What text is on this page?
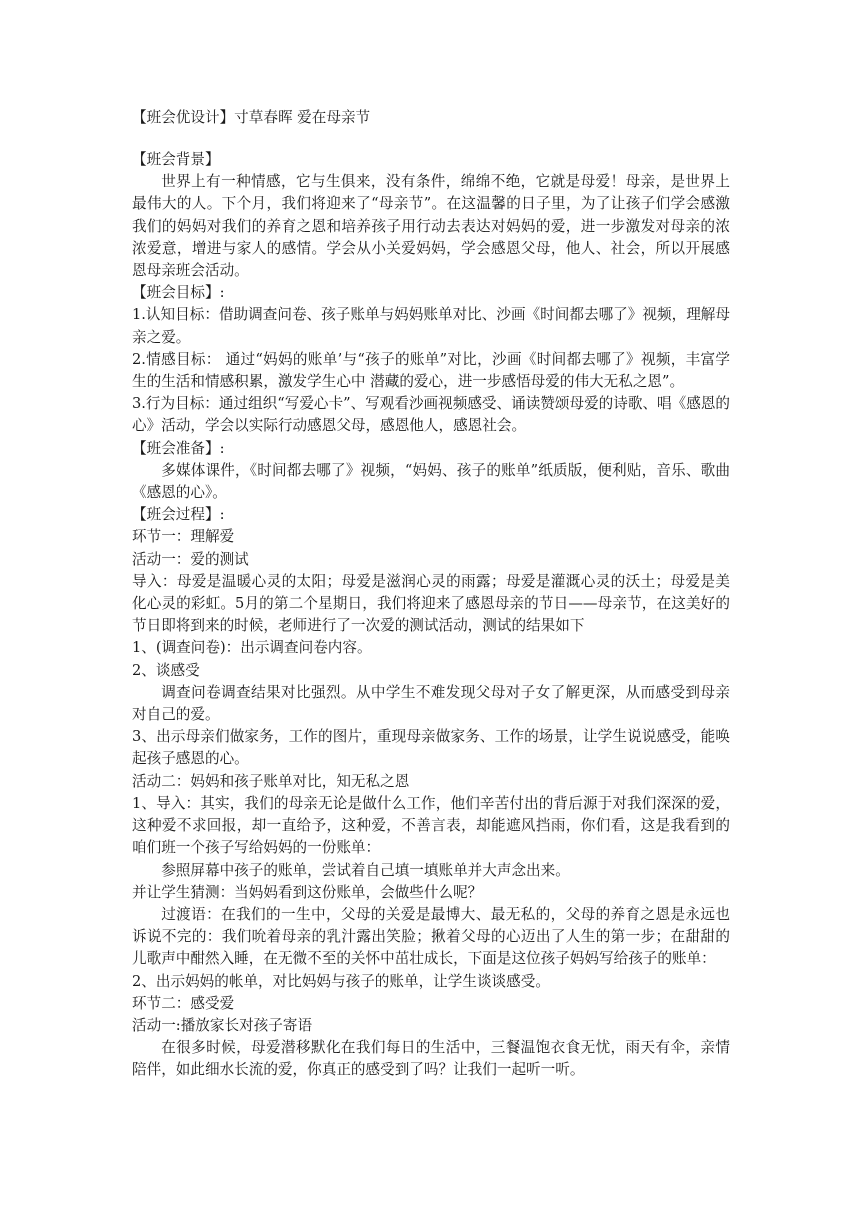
【班会优设计】寸草春晖 爱在母亲节

【班会背景】

世界上有一种情感，它与生俱来，没有条件，绵绵不绝，它就是母爱！母亲，是世界上最伟大的人。下个月，我们将迎来了“母亲节”。在这温馨的日子里，为了让孩子们学会感激我们的妈妈对我们的养育之恩和培养孩子用行动去表达对妈妈的爱，进一步激发对母亲的浓浓爱意，增进与家人的感情。学会从小关爱妈妈，学会感恩父母，他人、社会，所以开展感恩母亲班会活动。

【班会目标】:

1.认知目标：借助调查问卷、孩子账单与妈妈账单对比、沙画《时间都去哪了》视频，理解母亲之爱。

2.情感目标： 通过“妈妈的账单’与“孩子的账单”对比，沙画《时间都去哪了》视频，丰富学生的生活和情感积累，激发学生心中 潜藏的爱心，进一步感悟母爱的伟大无私之恩”。

3.行为目标：通过组织“写爱心卡”、写观看沙画视频感受、诵读赞颂母爱的诗歌、唱《感恩的心》活动，学会以实际行动感恩父母，感恩他人，感恩社会。

【班会准备】:

多媒体课件，《时间都去哪了》视频，“妈妈、孩子的账单”纸质版，便利贴，音乐、歌曲《感恩的心》。

【班会过程】:

环节一：理解爱

活动一：爱的测试

导入：母爱是温暖心灵的太阳；母爱是滋润心灵的雨露；母爱是灌溉心灵的沃土；母爱是美化心灵的彩虹。5月的第二个星期日，我们将迎来了感恩母亲的节日——母亲节，在这美好的节日即将到来的时候，老师进行了一次爱的测试活动，测试的结果如下

1、(调查问卷)：出示调查问卷内容。

2、谈感受

调查问卷调查结果对比强烈。从中学生不难发现父母对子女了解更深，从而感受到母亲对自己的爱。

3、出示母亲们做家务，工作的图片，重现母亲做家务、工作的场景，让学生说说感受，能唤起孩子感恩的心。

活动二：妈妈和孩子账单对比，知无私之恩

1、导入：其实，我们的母亲无论是做什么工作，他们辛苦付出的背后源于对我们深深的爱，这种爱不求回报，却一直给予，这种爱，不善言表，却能遮风挡雨，你们看，这是我看到的咱们班一个孩子写给妈妈的一份账单：

参照屏幕中孩子的账单，尝试着自己填一填账单并大声念出来。

并让学生猜测：当妈妈看到这份账单，会做些什么呢？

过渡语：在我们的一生中，父母的关爱是最博大、最无私的，父母的养育之恩是永远也诉说不完的：我们吮着母亲的乳汁露出笑脸；揪着父母的心迈出了人生的第一步；在甜甜的儿歌声中酣然入睡，在无微不至的关怀中茁壮成长，下面是这位孩子妈妈写给孩子的账单：

2、出示妈妈的帐单，对比妈妈与孩子的账单，让学生谈谈感受。

环节二：感受爱

活动一:播放家长对孩子寄语

在很多时候，母爱潜移默化在我们每日的生活中，三餐温饱衣食无忧，雨天有伞，亲情陪伴，如此细水长流的爱，你真正的感受到了吗？让我们一起听一听。
